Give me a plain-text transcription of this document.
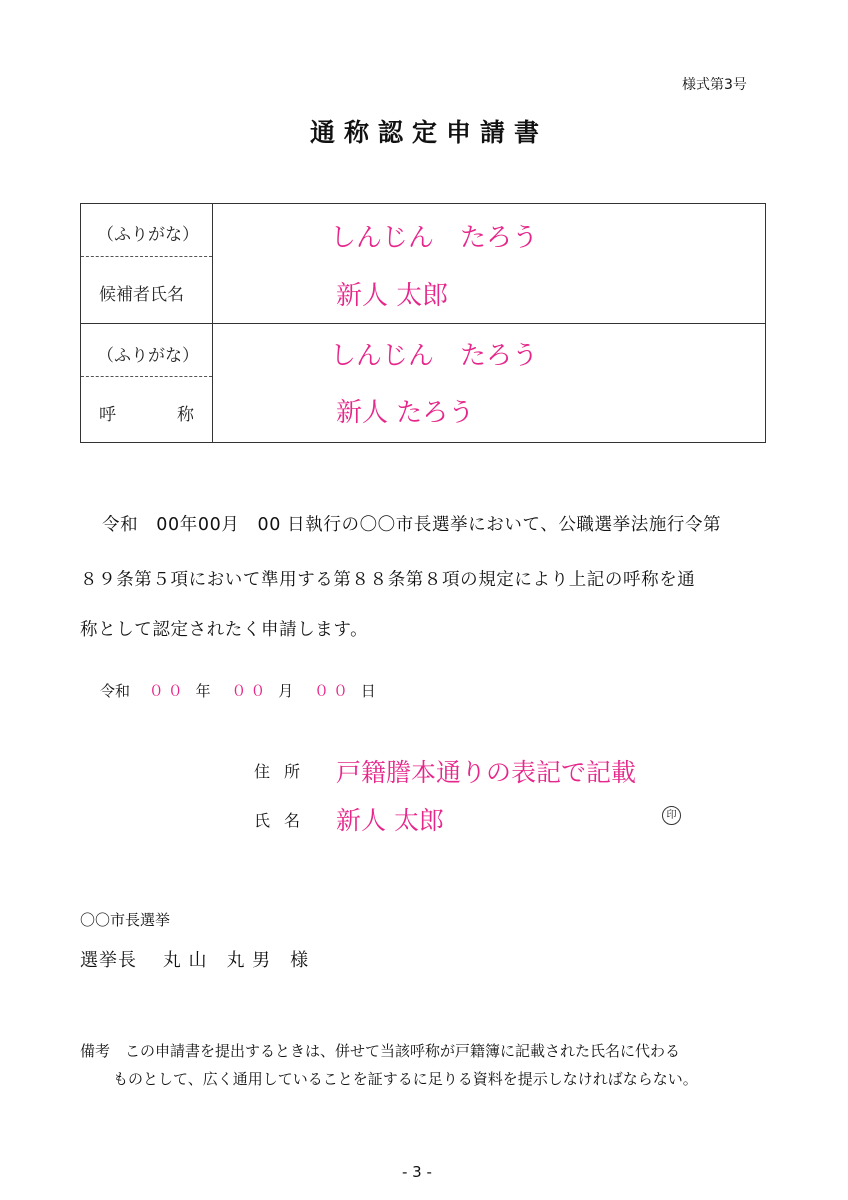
様式第3号
通称認定申請書
（ふりがな）
候補者氏名
（ふりがな）
呼	称
しんじん　たろう
新人 太郎
しんじん　たろう
新人 たろう
令和　00年00月　00 日執行の〇〇市長選挙において、公職選挙法施行令第
８９条第５項において準用する第８８条第８項の規定により上記の呼称を通
称として認定されたく申請します。
令和 ００ 年 ００ 月 ００ 日
住所 戸籍謄本通りの表記で記載
氏名 新人 太郎	印
〇〇市長選挙
選挙長　 丸 山　丸 男　様
備考　この申請書を提出するときは、併せて当該呼称が戸籍簿に記載された氏名に代わる
ものとして、広く通用していることを証するに足りる資料を提示しなければならない。
- 3 -
